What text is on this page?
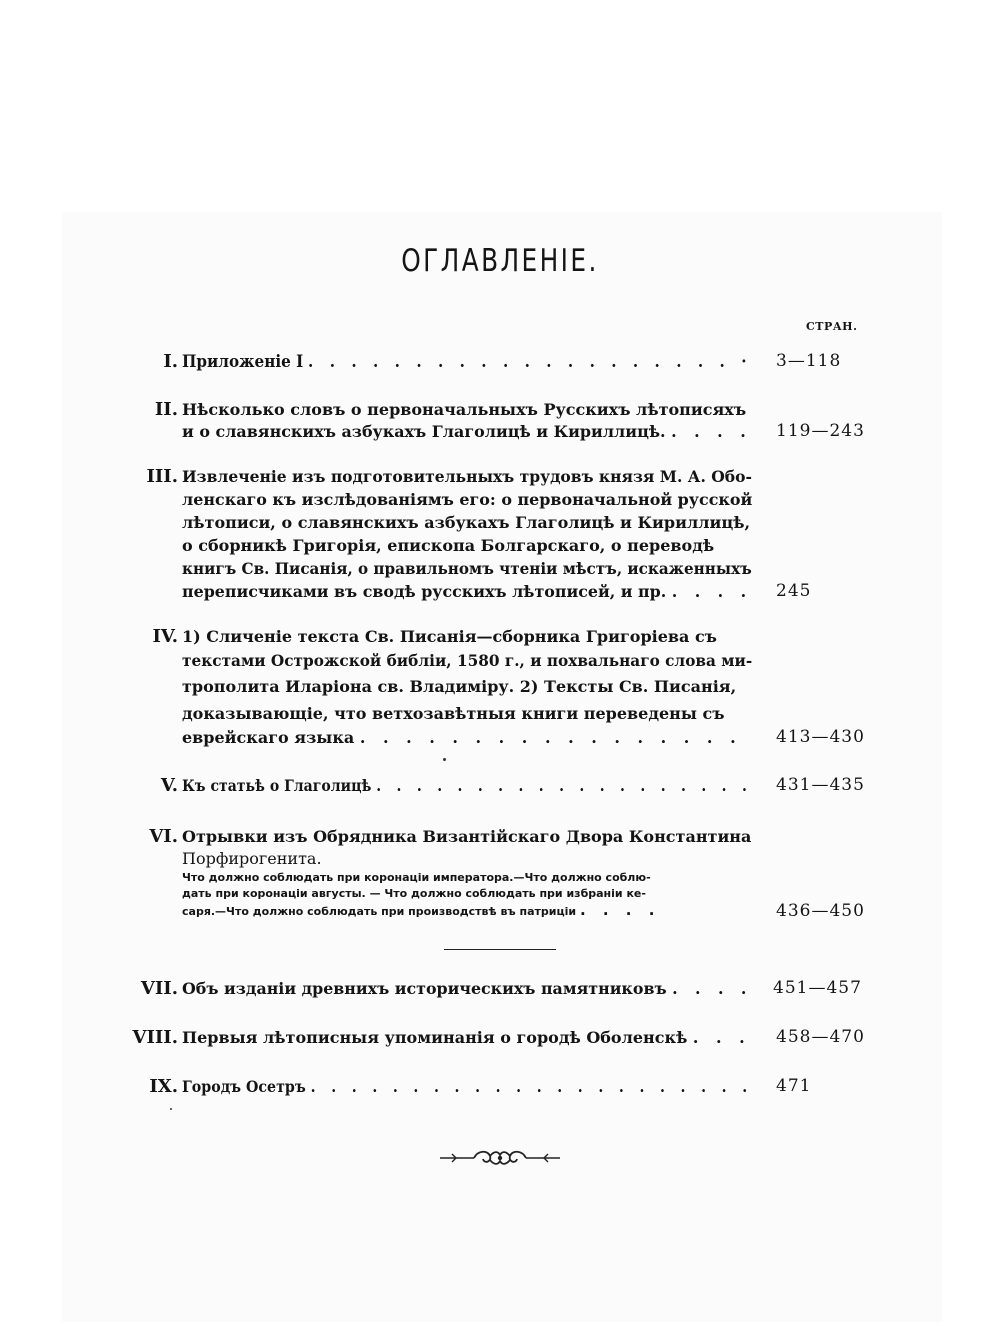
ОГЛАВЛЕНІЕ.
СТРАН.
I. Приложеніе I . . . . . . . . . . . . . . . . . . . . · 3—118
II. Нѣсколько словъ о первоначальныхъ Русскихъ лѣтописяхъ
и о славянскихъ азбукахъ Глаголицѣ и Кириллицѣ. . . . . 119—243
III. Извлеченіе изъ подготовительныхъ трудовъ князя М. А. Обо-
ленскаго къ изслѣдованіямъ его: о первоначальной русской
лѣтописи, о славянскихъ азбукахъ Глаголицѣ и Кириллицѣ,
о сборникѣ Григорія, епископа Болгарскаго, о переводѣ
книгъ Св. Писанія, о правильномъ чтеніи мѣстъ, искаженныхъ
переписчиками въ сводѣ русскихъ лѣтописей, и пр. . . . . 245
IV. 1) Сличеніе текста Св. Писанія—сборника Григоріева съ
текстами Острожской библіи, 1580 г., и похвальнаго слова ми-
трополита Иларіона св. Владиміру. 2) Тексты Св. Писанія,
доказывающіе, что ветхозавѣтныя книги переведены съ
еврейскаго языка . . . . . . . . . . . . . . . . .	413—430
V. Къ статьѣ о Глаголицѣ . . . . . . . . . . . . . . . . . . . 431—435
VI. Отрывки изъ Обрядника Византійскаго Двора Константина
Порфирогенита.
Что должно соблюдать при коронаціи императора.—Что должно соблю-
дать при коронаціи августы. — Что должно соблюдать при избраніи ке-
саря.—Что должно соблюдать при производствѣ въ патриціи . . . .	436—450
VII. Объ изданіи древнихъ историческихъ памятниковъ . . . . 451—457
VIII. Первыя лѣтописныя упоминанія о городѣ Оболенскѣ . . . 458—470
IX. Городъ Осетръ . . . . . . . . . . . . . . . . . . . . . . 471
